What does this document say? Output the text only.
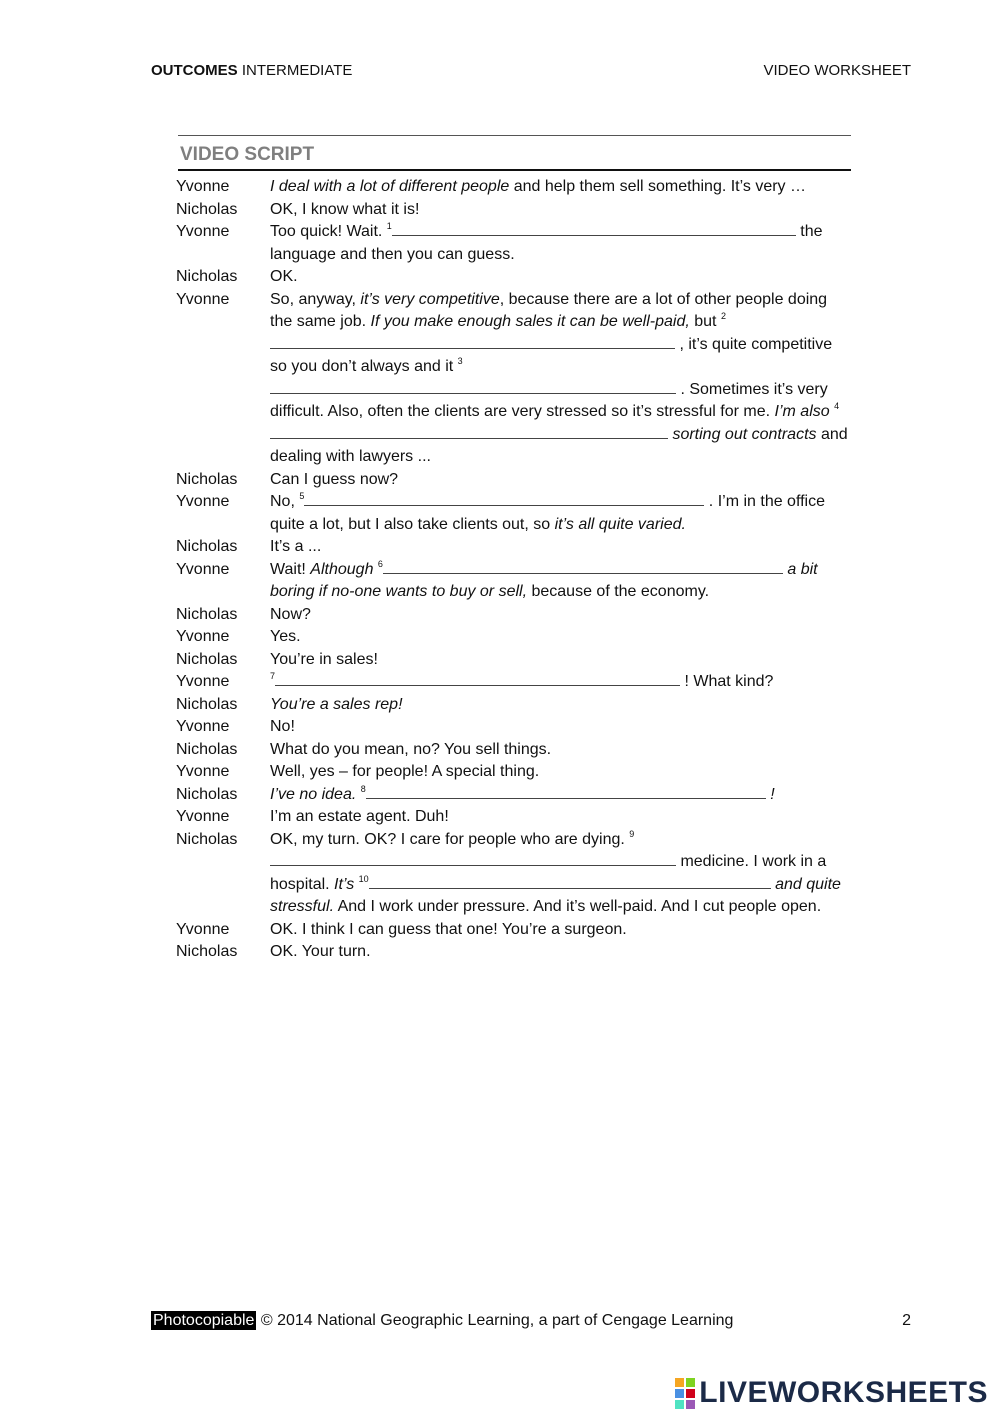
OUTCOMES INTERMEDIATE	VIDEO WORKSHEET
VIDEO SCRIPT
Yvonne	I deal with a lot of different people and help them sell something. It’s very …
Nicholas	OK, I know what it is!
Yvonne	Too quick! Wait. $^1$	the language and then you can guess.
Nicholas	OK.
Yvonne	So, anyway, it’s very competitive, because there are a lot of other people doing the same job. If you make enough sales it can be well-paid, but $^2$ , it’s quite competitive so you don’t always and it $^3$ . Sometimes it’s very difficult. Also, often the clients are very stressed so it’s stressful for me. I’m also $^4$ sorting out contracts and dealing with lawyers ...
Nicholas	Can I guess now?
Yvonne	No, $^5$	. I’m in the office quite a lot, but I also take clients out, so it’s all quite varied.
Nicholas	It’s a ...
Yvonne	Wait! Although $^6$	a bit boring if no-one wants to buy or sell, because of the economy.
Nicholas	Now?
Yvonne	Yes.
Nicholas	You’re in sales!
Yvonne	$^7$	! What kind?
Nicholas	You’re a sales rep!
Yvonne	No!
Nicholas	What do you mean, no? You sell things.
Yvonne	Well, yes – for people! A special thing.
Nicholas	I’ve no idea. $^8$	!
Yvonne	I’m an estate agent. Duh!
Nicholas	OK, my turn. OK? I care for people who are dying. $^9$ medicine. I work in a hospital. It’s $^{10}$	and quite stressful. And I work under pressure. And it’s well-paid. And I cut people open.
Yvonne	OK. I think I can guess that one! You’re a surgeon.
Nicholas	OK. Your turn.
Photocopiable © 2014 National Geographic Learning, a part of Cengage Learning	2
LIVEWORKSHEETS
